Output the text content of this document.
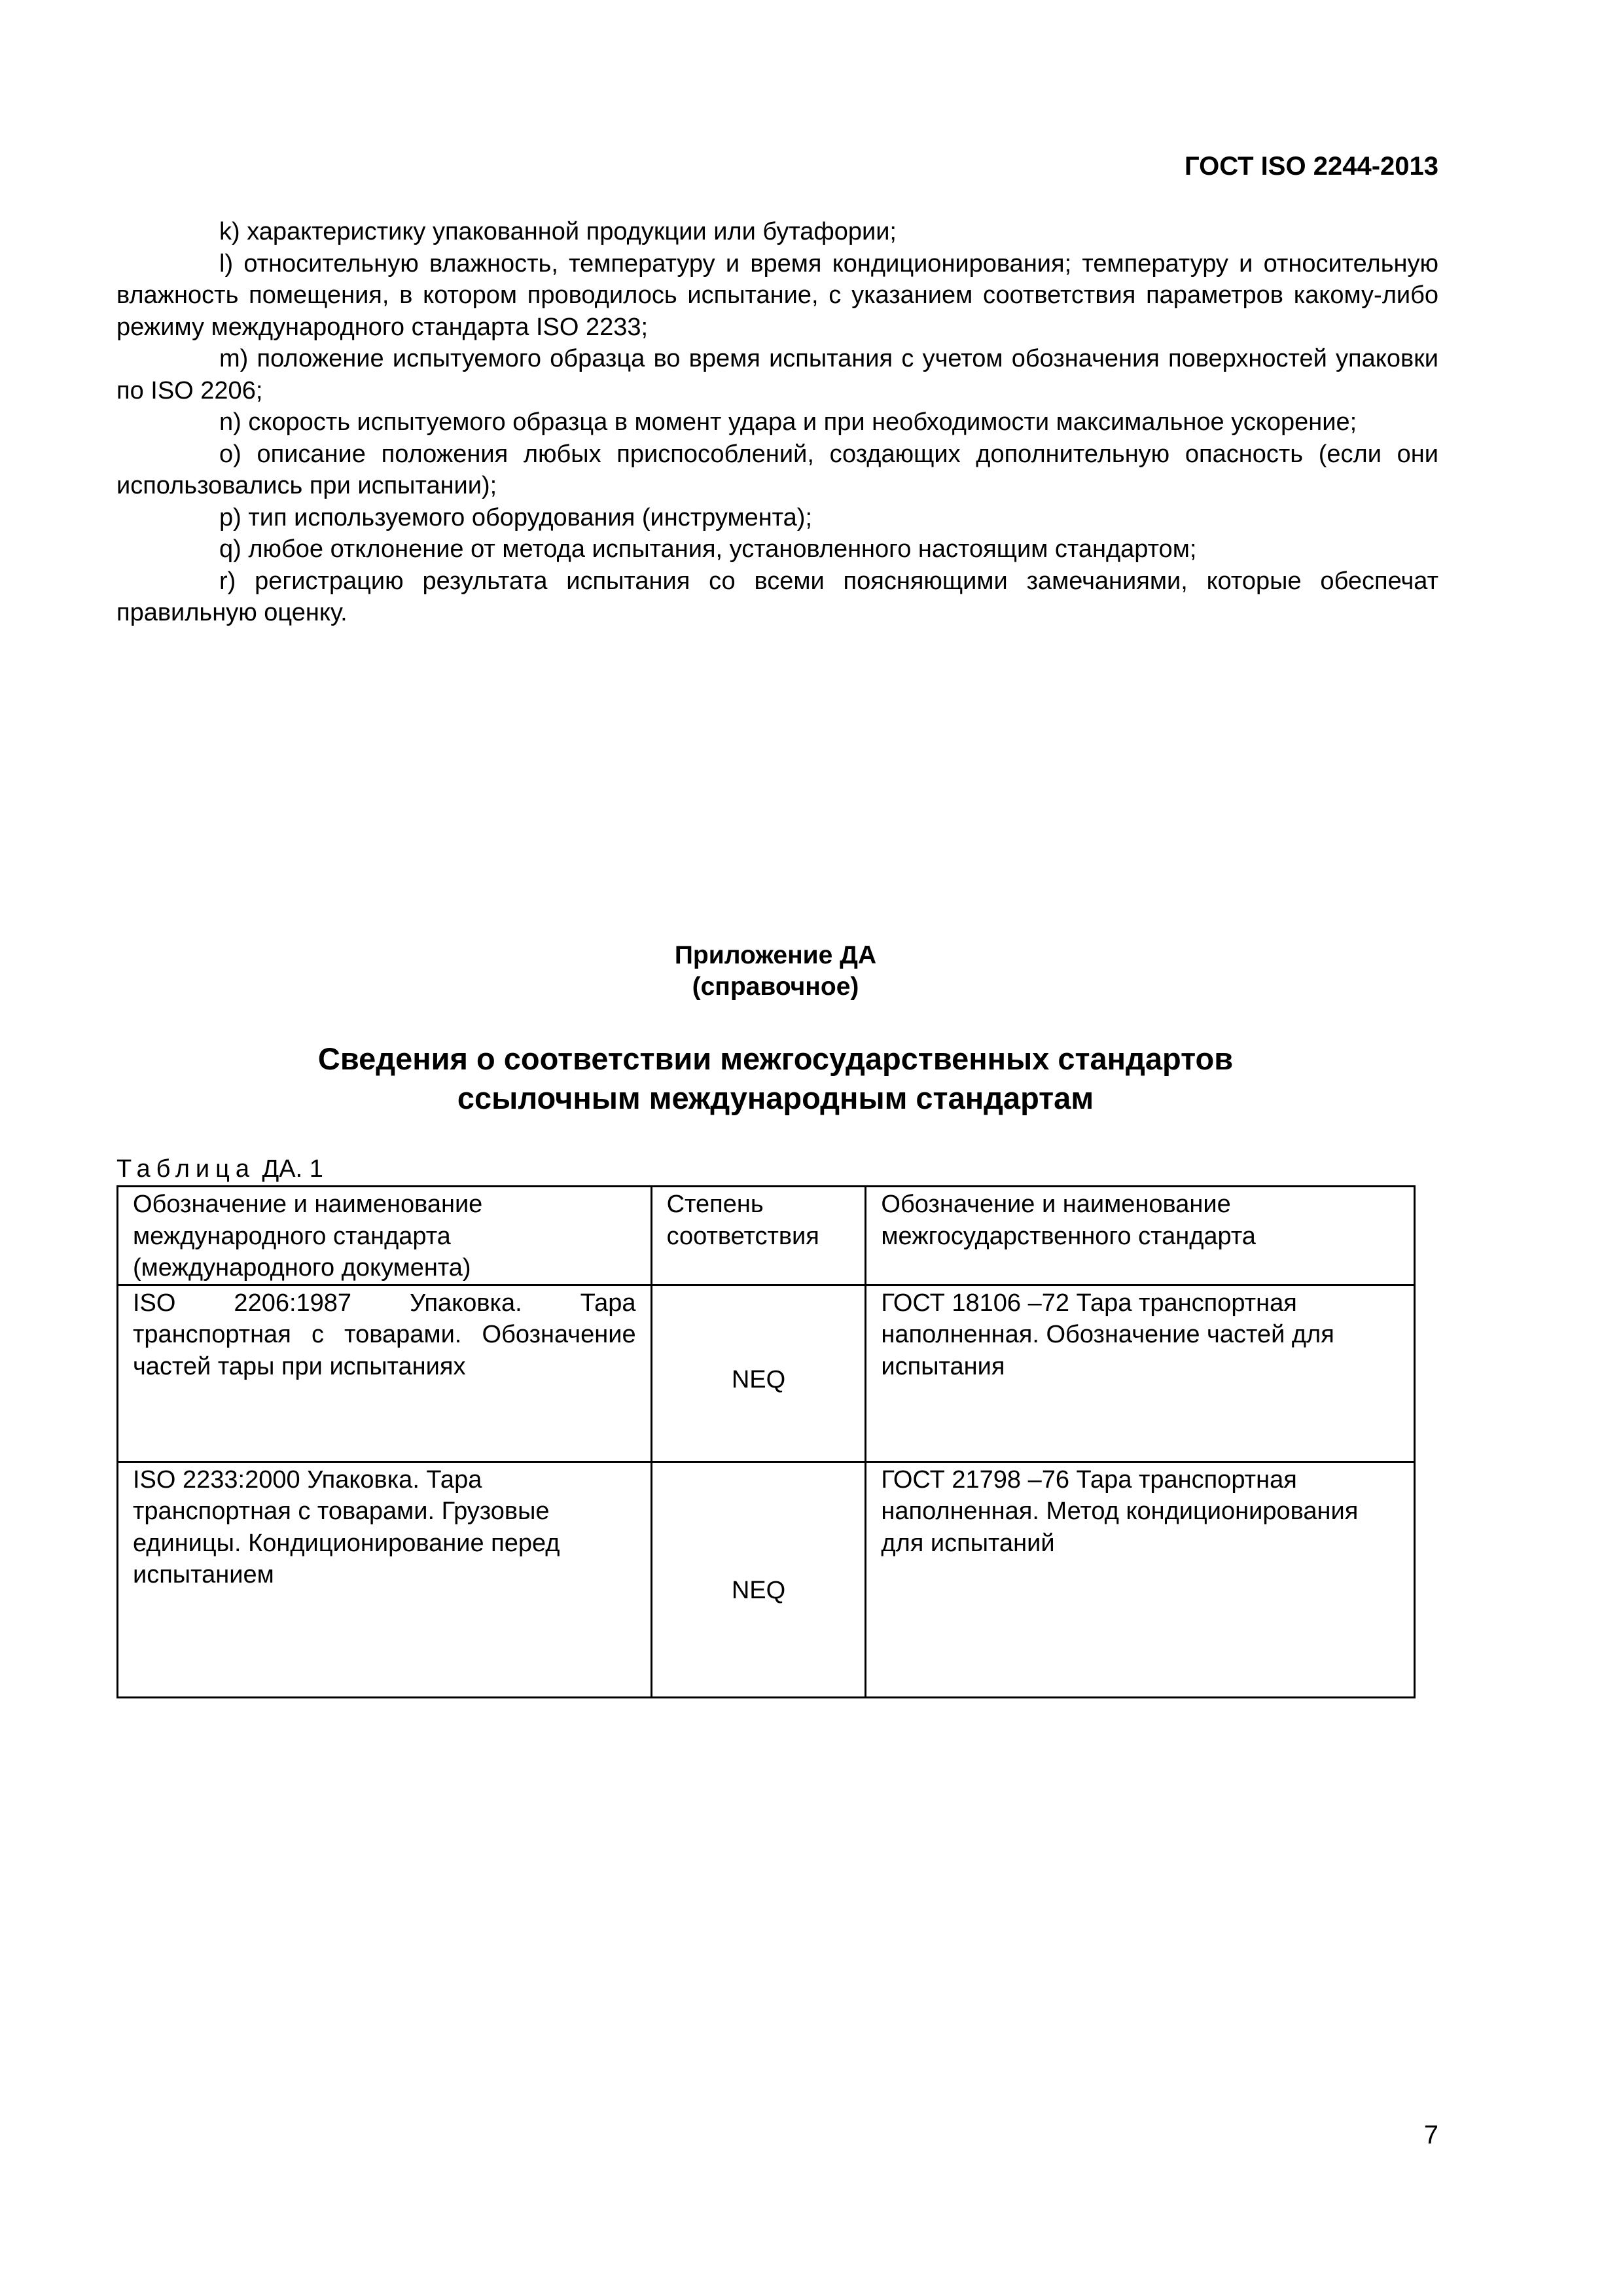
ГОСТ ISO 2244-2013

k) характеристику упакованной продукции или бутафории;

l) относительную влажность, температуру и время кондиционирования; температуру и относительную влажность помещения, в котором проводилось испытание, с указанием соответствия параметров какому-либо режиму международного стандарта ISO 2233;

m) положение испытуемого образца во время испытания с учетом обозначения поверхностей упаковки по ISO 2206;

n) скорость испытуемого образца в момент удара и при необходимости максимальное ускорение;

o) описание положения любых приспособлений, создающих дополнительную опасность (если они использовались при испытании);

p) тип используемого оборудования (инструмента);

q) любое отклонение от метода испытания, установленного настоящим стандартом;

r) регистрацию результата испытания со всеми поясняющими замечаниями, которые обеспечат правильную оценку.

Приложение ДА
(справочное)
Сведения о соответствии межгосударственных стандартов
ссылочным международным стандартам
Таблица ДА. 1
Обозначение и наименование международного стандарта (международного документа)	Степень соответствия	Обозначение и наименование межгосударственного стандарта
ISO 2206:1987 Упаковка. Тара транспортная с товарами. Обозначение частей тары при испытаниях	NEQ	ГОСТ 18106 –72 Тара транспортная наполненная. Обозначение частей для испытания
ISO 2233:2000 Упаковка. Тара транспортная с товарами. Грузовые единицы. Кондиционирование перед испытанием	NEQ	ГОСТ 21798 –76 Тара транспортная наполненная. Метод кондиционирования для испытаний
7
